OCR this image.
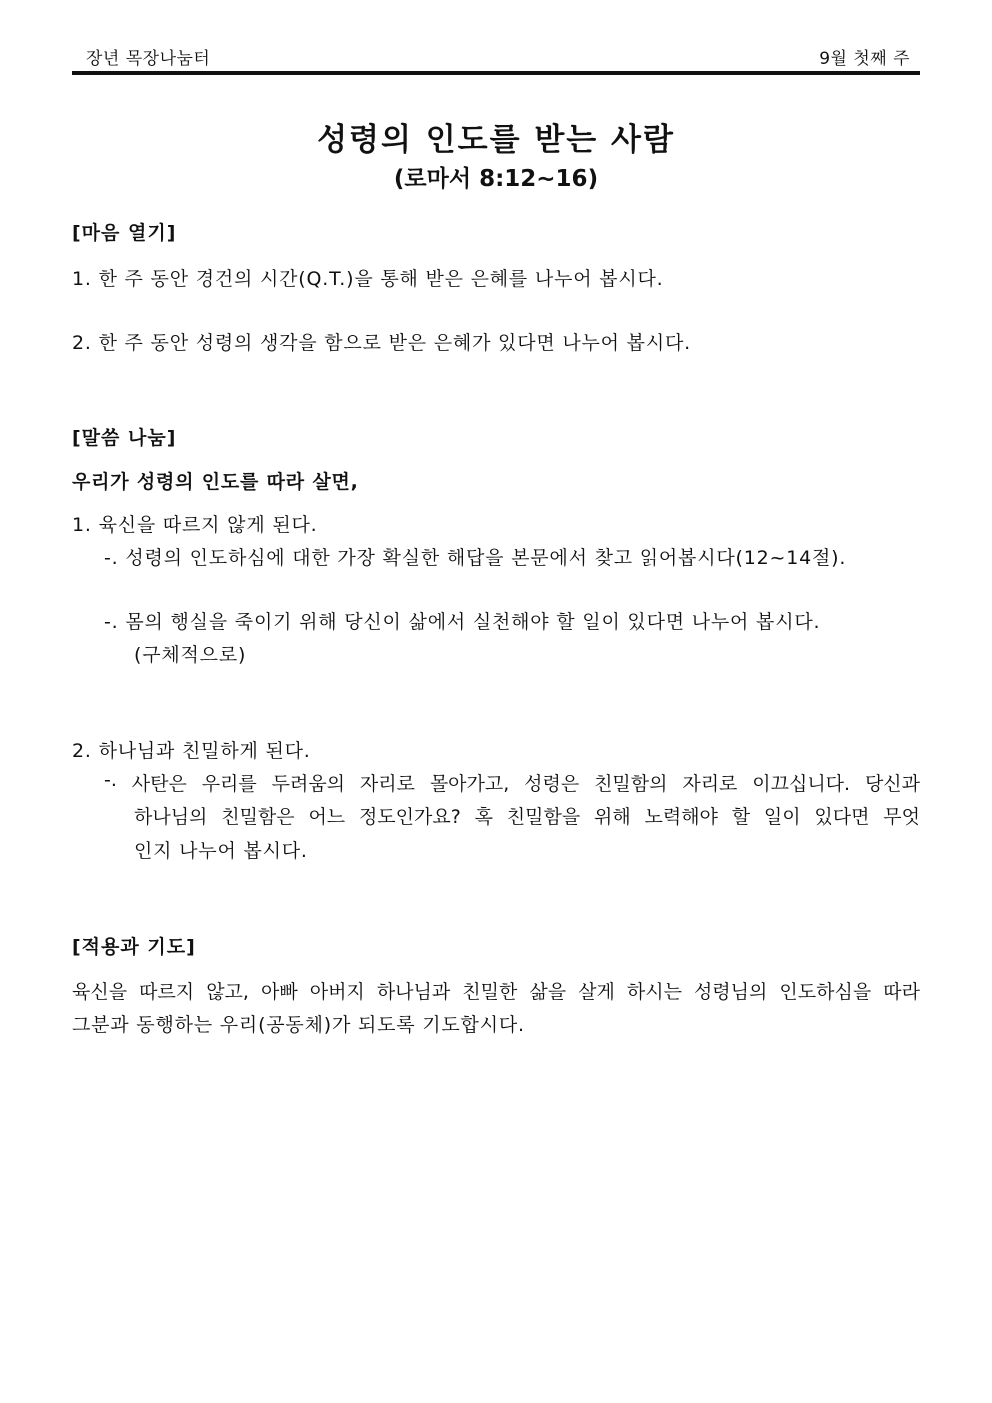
장년 목장나눔터	9월 첫째 주
성령의 인도를 받는 사람
(로마서 8:12~16)
[마음 열기]
1. 한 주 동안 경건의 시간(Q.T.)을 통해 받은 은혜를 나누어 봅시다.
2. 한 주 동안 성령의 생각을 함으로 받은 은혜가 있다면 나누어 봅시다.
[말씀 나눔]
우리가 성령의 인도를 따라 살면,
1. 육신을 따르지 않게 된다.
-. 성령의 인도하심에 대한 가장 확실한 해답을 본문에서 찾고 읽어봅시다(12~14절).
-. 몸의 행실을 죽이기 위해 당신이 삶에서 실천해야 할 일이 있다면 나누어 봅시다.
(구체적으로)
2. 하나님과 친밀하게 된다.
-. 사탄은 우리를 두려움의 자리로 몰아가고, 성령은 친밀함의 자리로 이끄십니다. 당신과
하나님의 친밀함은 어느 정도인가요? 혹 친밀함을 위해 노력해야 할 일이 있다면 무엇
인지 나누어 봅시다.
[적용과 기도]
육신을 따르지 않고, 아빠 아버지 하나님과 친밀한 삶을 살게 하시는 성령님의 인도하심을 따라
그분과 동행하는 우리(공동체)가 되도록 기도합시다.
